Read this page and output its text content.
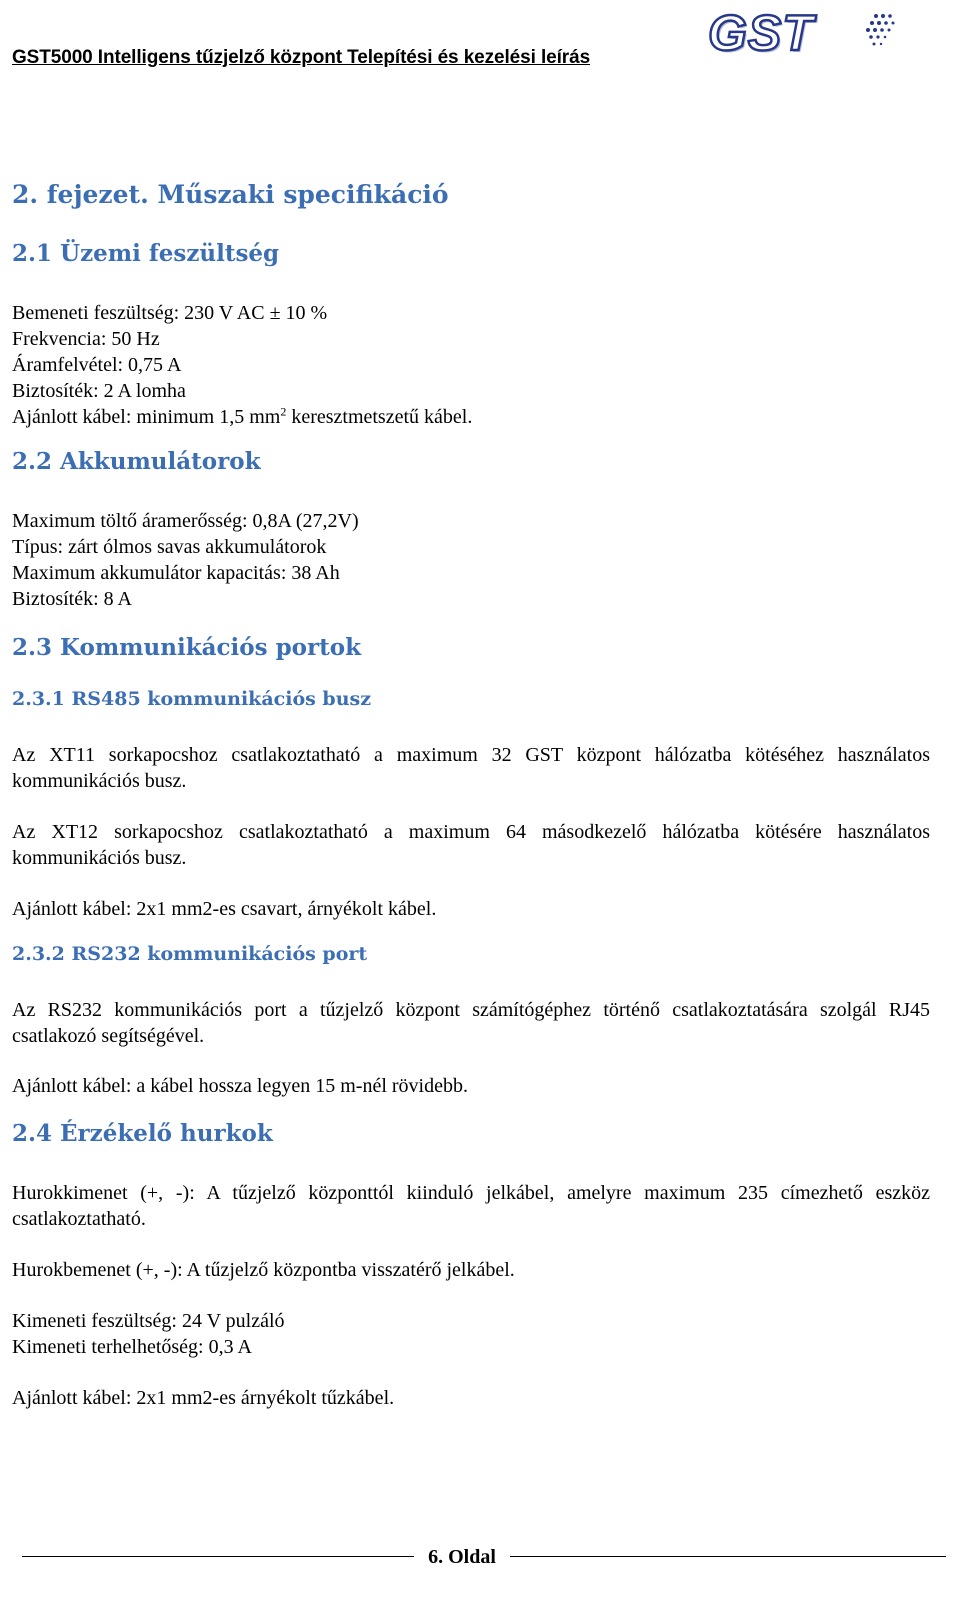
GST5000 Intelligens tűzjelző központ Telepítési és kezelési leírás GST
2. fejezet. Műszaki specifikáció
2.1 Üzemi feszültség
Bemeneti feszültség: 230 V AC ± 10 %
Frekvencia: 50 Hz
Áramfelvétel: 0,75 A
Biztosíték: 2 A lomha
Ajánlott kábel: minimum 1,5 $mm^2$ keresztmetszetű kábel.
2.2 Akkumulátorok
Maximum töltő áramerősség: 0,8A (27,2V)
Típus: zárt ólmos savas akkumulátorok
Maximum akkumulátor kapacitás: 38 Ah
Biztosíték: 8 A
2.3 Kommunikációs portok
2.3.1 RS485 kommunikációs busz

Az XT11 sorkapocshoz csatlakoztatható a maximum 32 GST központ hálózatba kötéséhez használatos kommunikációs busz.

Az XT12 sorkapocshoz csatlakoztatható a maximum 64 másodkezelő hálózatba kötésére használatos kommunikációs busz.

Ajánlott kábel: 2x1 mm2-es csavart, árnyékolt kábel.

2.3.2 RS232 kommunikációs port

Az RS232 kommunikációs port a tűzjelző központ számítógéphez történő csatlakoztatására szolgál RJ45 csatlakozó segítségével.

Ajánlott kábel: a kábel hossza legyen 15 m-nél rövidebb.

2.4 Érzékelő hurkok

Hurokkimenet (+, -): A tűzjelző központtól kiinduló jelkábel, amelyre maximum 235 címezhető eszköz csatlakoztatható.

Hurokbemenet (+, -): A tűzjelző központba visszatérő jelkábel.

Kimeneti feszültség: 24 V pulzáló
Kimeneti terhelhetőség: 0,3 A

Ajánlott kábel: 2x1 mm2-es árnyékolt tűzkábel.

6. Oldal
